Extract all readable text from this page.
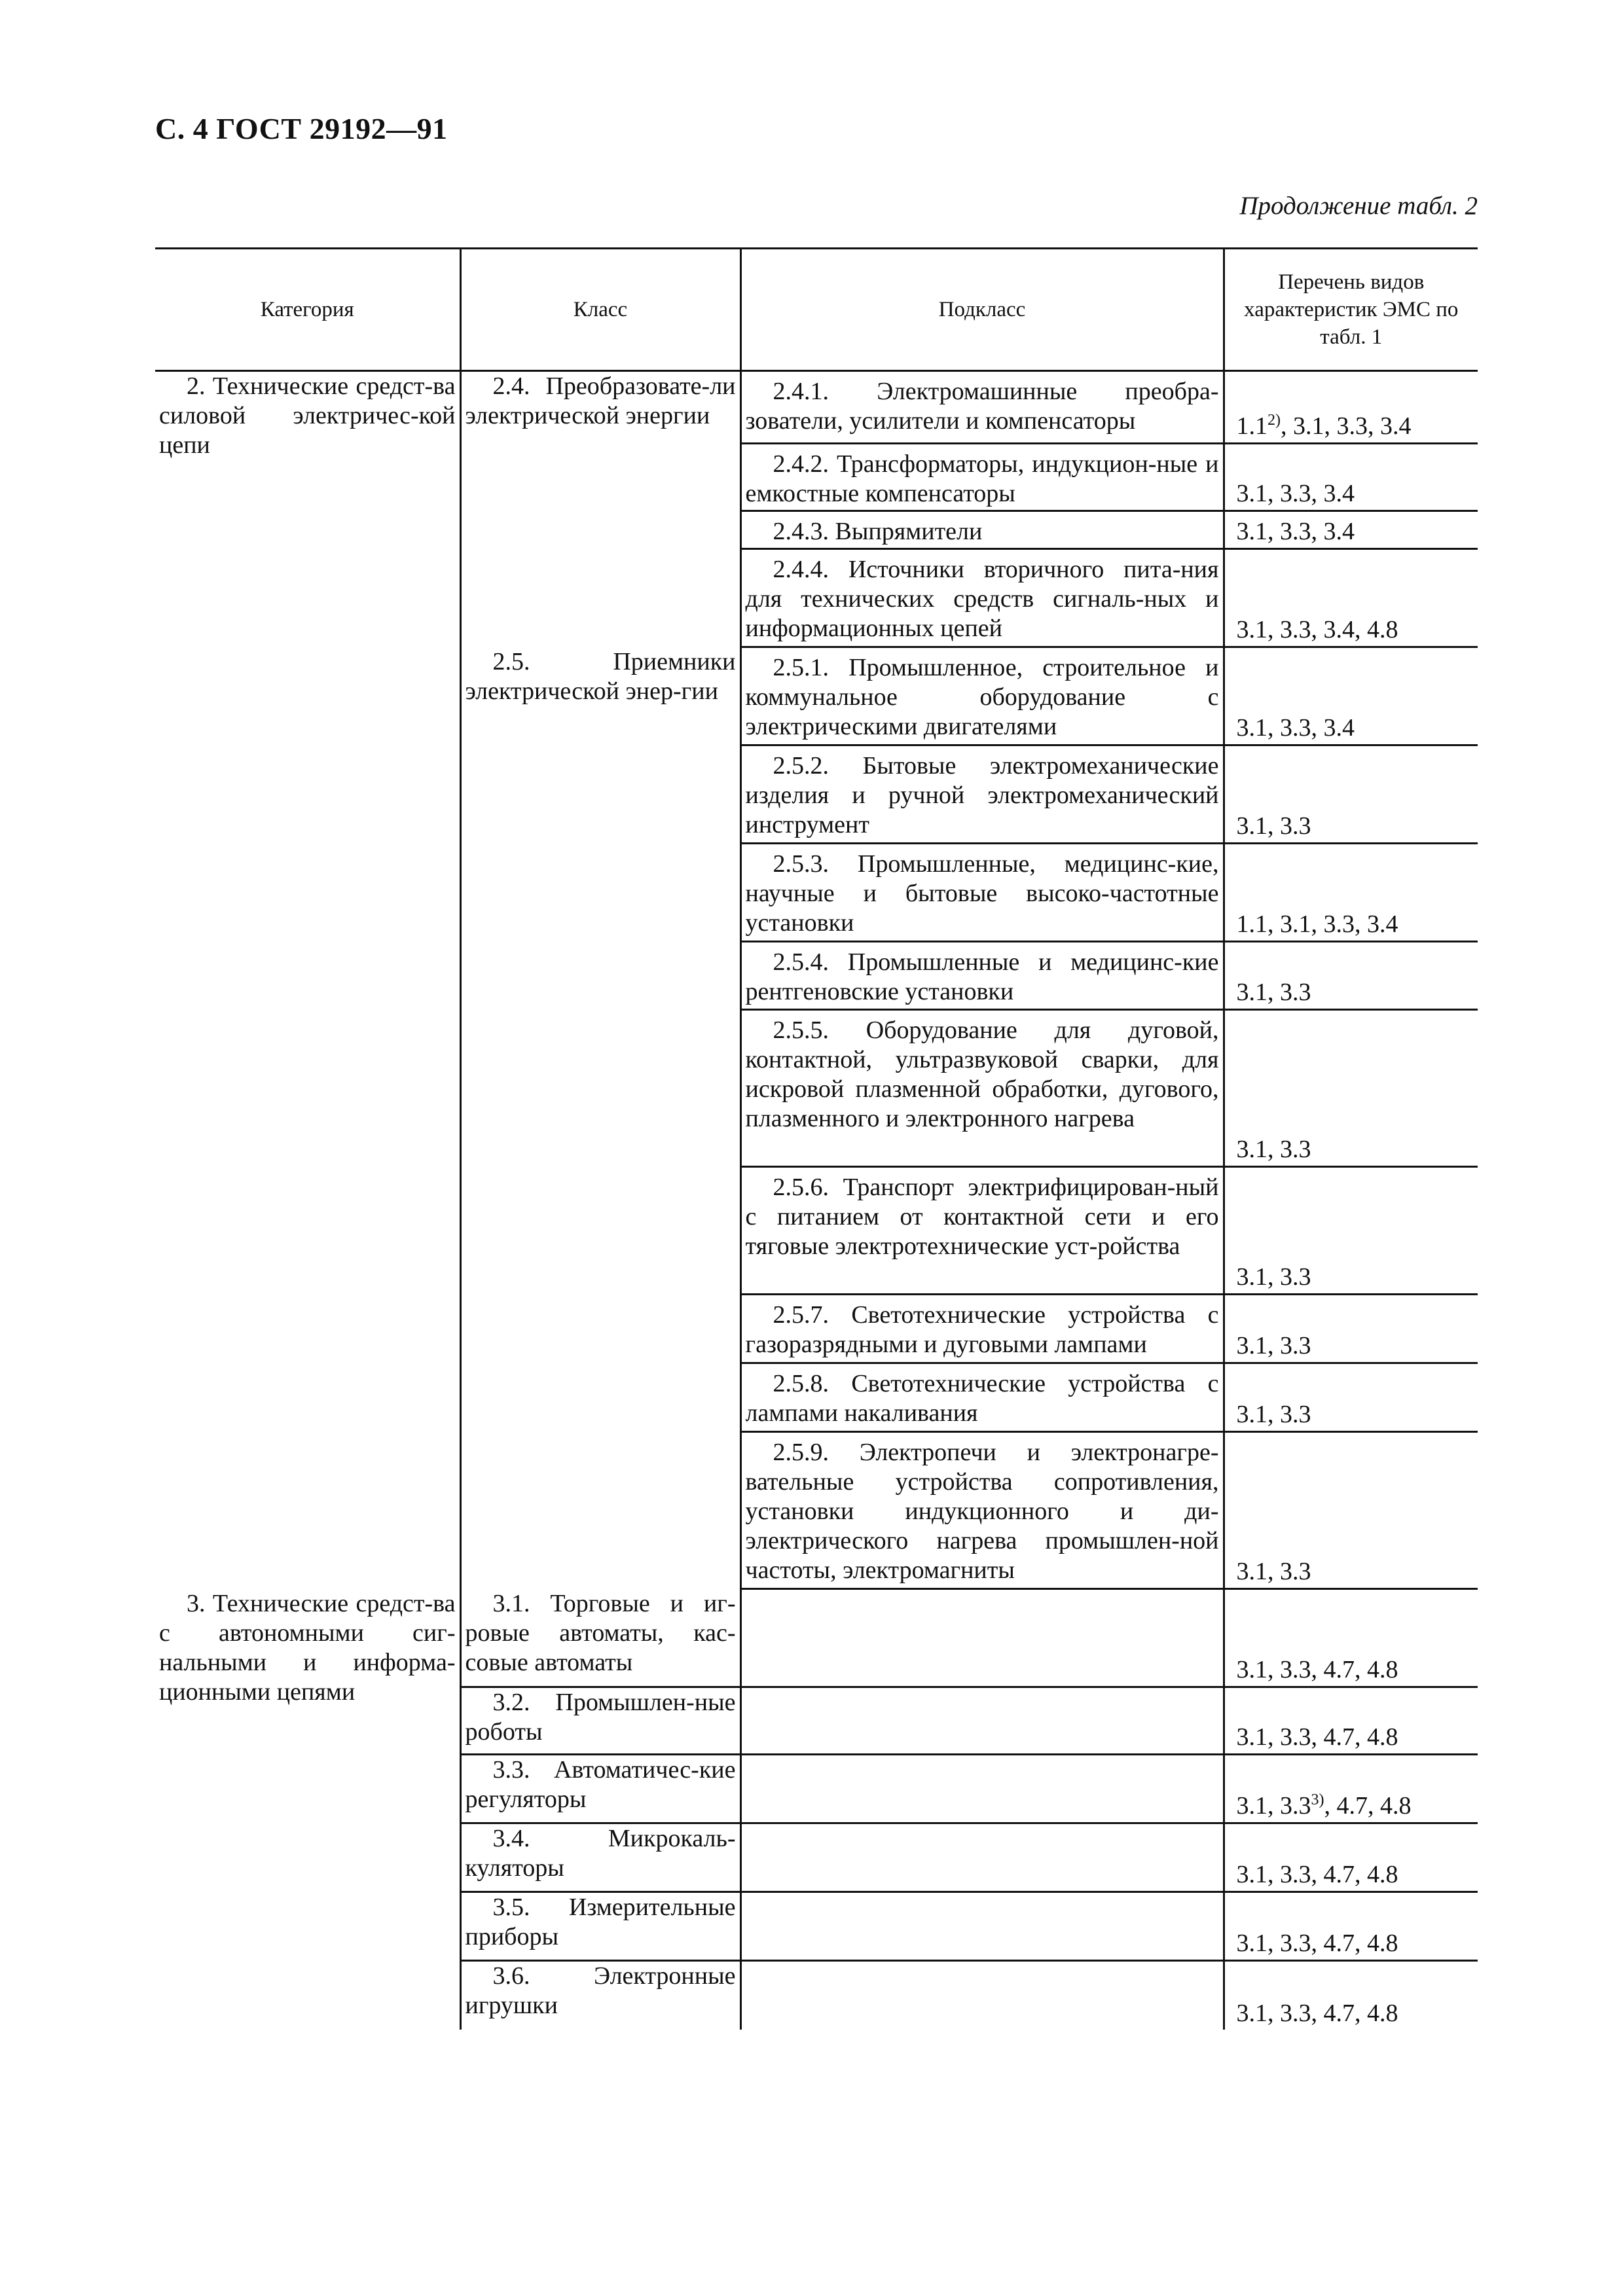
С. 4 ГОСТ 29192—91
Продолжение табл. 2
Категория	Класс	Подкласс	Перечень видов характеристик ЭМС по табл. 1

2. Технические средст-ва силовой электричес-кой цепи	2.4. Преобразовате-ли электрической энергии	2.4.1. Электромашинные преобра-зователи, усилители и компенсаторы	1.1$^{2)}$, 3.1, 3.3, 3.4

		2.4.2. Трансформаторы, индукцион-ные и емкостные компенсаторы	3.1, 3.3, 3.4

		2.4.3. Выпрямители	3.1, 3.3, 3.4

		2.4.4. Источники вторичного пита-ния для технических средств сигналь-ных и информационных цепей	3.1, 3.3, 3.4, 4.8

	2.5. Приемники электрической энер-гии	2.5.1. Промышленное, строительное и коммунальное оборудование с электрическими двигателями	3.1, 3.3, 3.4

		2.5.2. Бытовые электромеханические изделия и ручной электромеханический инструмент	3.1, 3.3

		2.5.3. Промышленные, медицинс-кие, научные и бытовые высоко-частотные установки	1.1, 3.1, 3.3, 3.4

		2.5.4. Промышленные и медицинс-кие рентгеновские установки	3.1, 3.3

		2.5.5. Оборудование для дуговой, контактной, ультразвуковой сварки, для искровой плазменной обработки, дугового, плазменного и электронного нагрева	3.1, 3.3

		2.5.6. Транспорт электрифицирован-ный с питанием от контактной сети и его тяговые электротехнические уст-ройства	3.1, 3.3

		2.5.7. Светотехнические устройства с газоразрядными и дуговыми лампами	3.1, 3.3

		2.5.8. Светотехнические устройства с лампами накаливания	3.1, 3.3

		2.5.9. Электропечи и электронагре-вательные устройства сопротивления, установки индукционного и ди-электрического нагрева промышлен-ной частоты, электромагниты	3.1, 3.3

3. Технические средст-ва с автономными сиг-нальными и информа-ционными цепями	3.1. Торговые и иг-ровые автоматы, кас-совые автоматы		3.1, 3.3, 4.7, 4.8

	3.2. Промышлен-ные роботы		3.1, 3.3, 4.7, 4.8

	3.3. Автоматичес-кие регуляторы		3.1, 3.3$^{3)}$, 4.7, 4.8

	3.4. Микрокаль-куляторы		3.1, 3.3, 4.7, 4.8

	3.5. Измерительные приборы		3.1, 3.3, 4.7, 4.8

	3.6. Электронные игрушки		3.1, 3.3, 4.7, 4.8
